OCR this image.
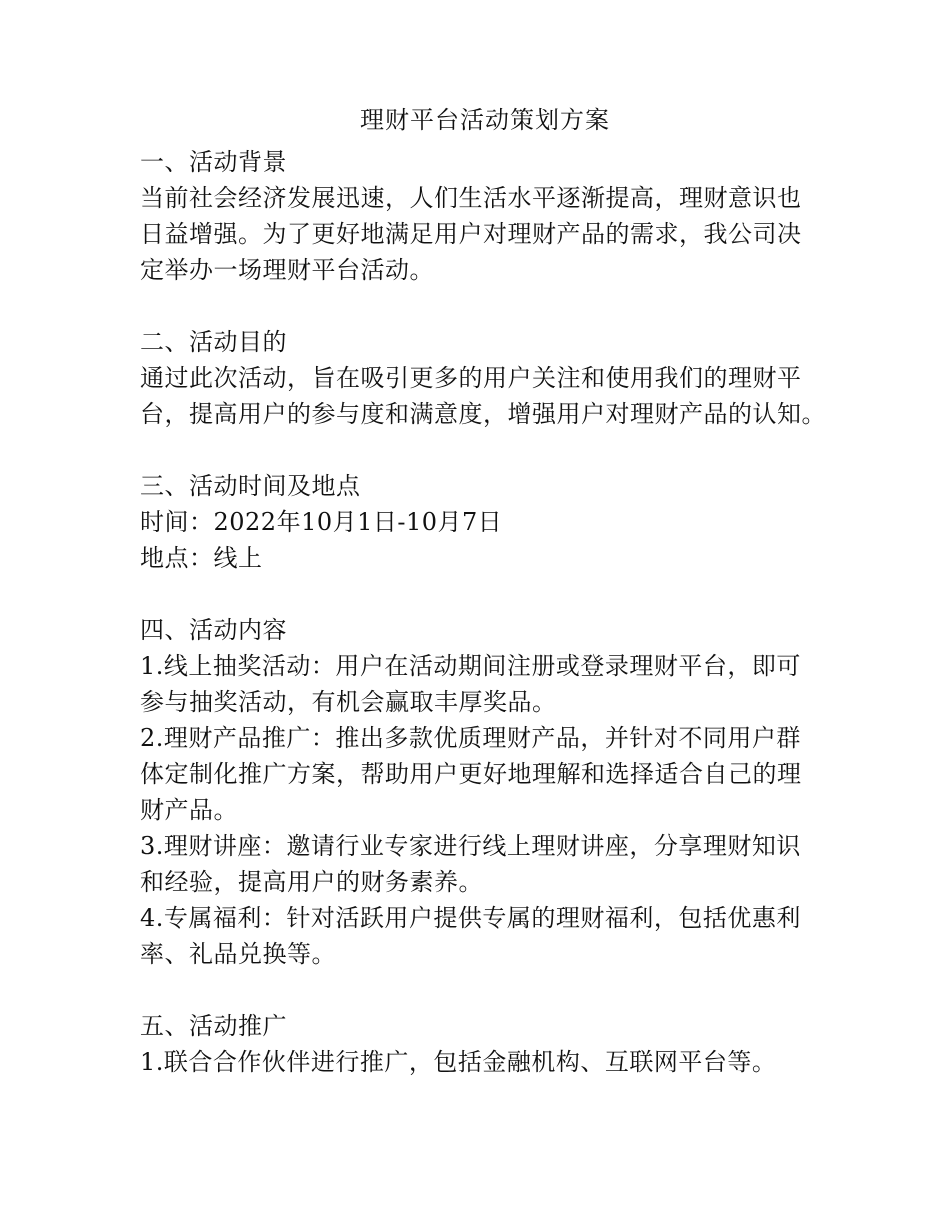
理财平台活动策划方案

一、活动背景

当前社会经济发展迅速，人们生活水平逐渐提高，理财意识也

日益增强。为了更好地满足用户对理财产品的需求，我公司决

定举办一场理财平台活动。

二、活动目的

通过此次活动，旨在吸引更多的用户关注和使用我们的理财平

台，提高用户的参与度和满意度，增强用户对理财产品的认知。

三、活动时间及地点

时间：2022年10月1日-10月7日

地点：线上

四、活动内容

1.线上抽奖活动：用户在活动期间注册或登录理财平台，即可

参与抽奖活动，有机会赢取丰厚奖品。

2.理财产品推广：推出多款优质理财产品，并针对不同用户群

体定制化推广方案，帮助用户更好地理解和选择适合自己的理

财产品。

3.理财讲座：邀请行业专家进行线上理财讲座，分享理财知识

和经验，提高用户的财务素养。

4.专属福利：针对活跃用户提供专属的理财福利，包括优惠利

率、礼品兑换等。

五、活动推广

1.联合合作伙伴进行推广，包括金融机构、互联网平台等。
